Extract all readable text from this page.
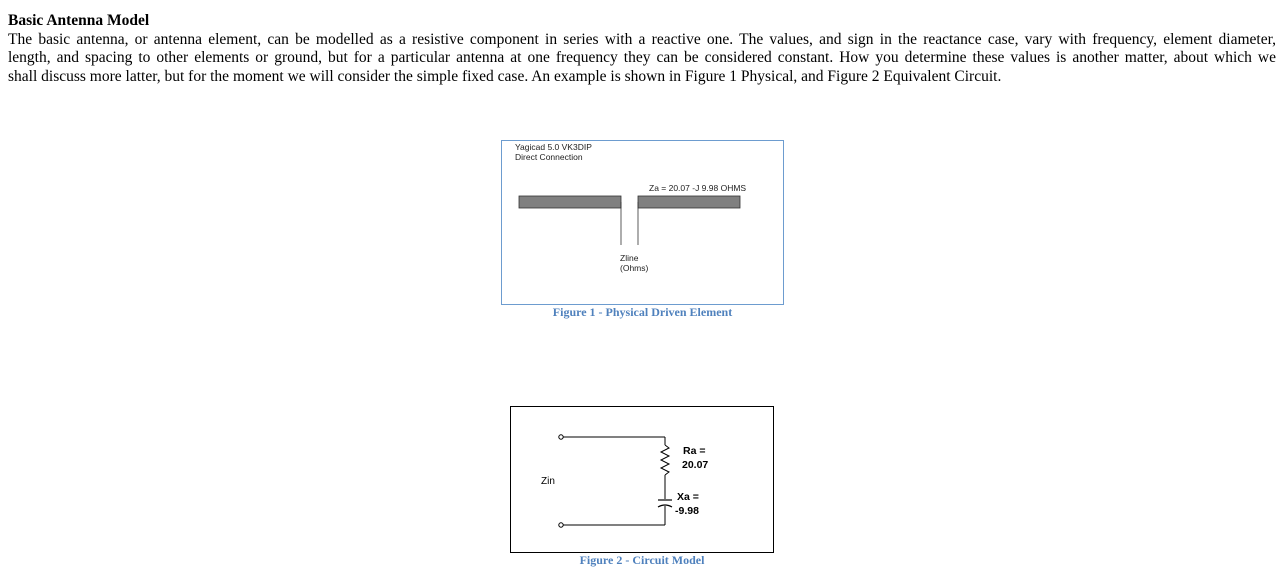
Basic Antenna Model
The basic antenna, or antenna element, can be modelled as a resistive component in series with a reactive one. The values, and sign in the reactance case, vary with frequency, element diameter,
length, and spacing to other elements or ground, but for a particular antenna at one frequency they can be considered constant. How you determine these values is another matter, about which we
shall discuss more latter, but for the moment we will consider the simple fixed case. An example is shown in Figure 1 Physical, and Figure 2 Equivalent Circuit.
Yagicad 5.0 VK3DIP
Direct Connection
Za = 20.07 -J 9.98 OHMS
Zline
(Ohms)
Figure 1 - Physical Driven Element
Zin
Ra =
20.07
Xa =
-9.98
Figure 2 - Circuit Model
